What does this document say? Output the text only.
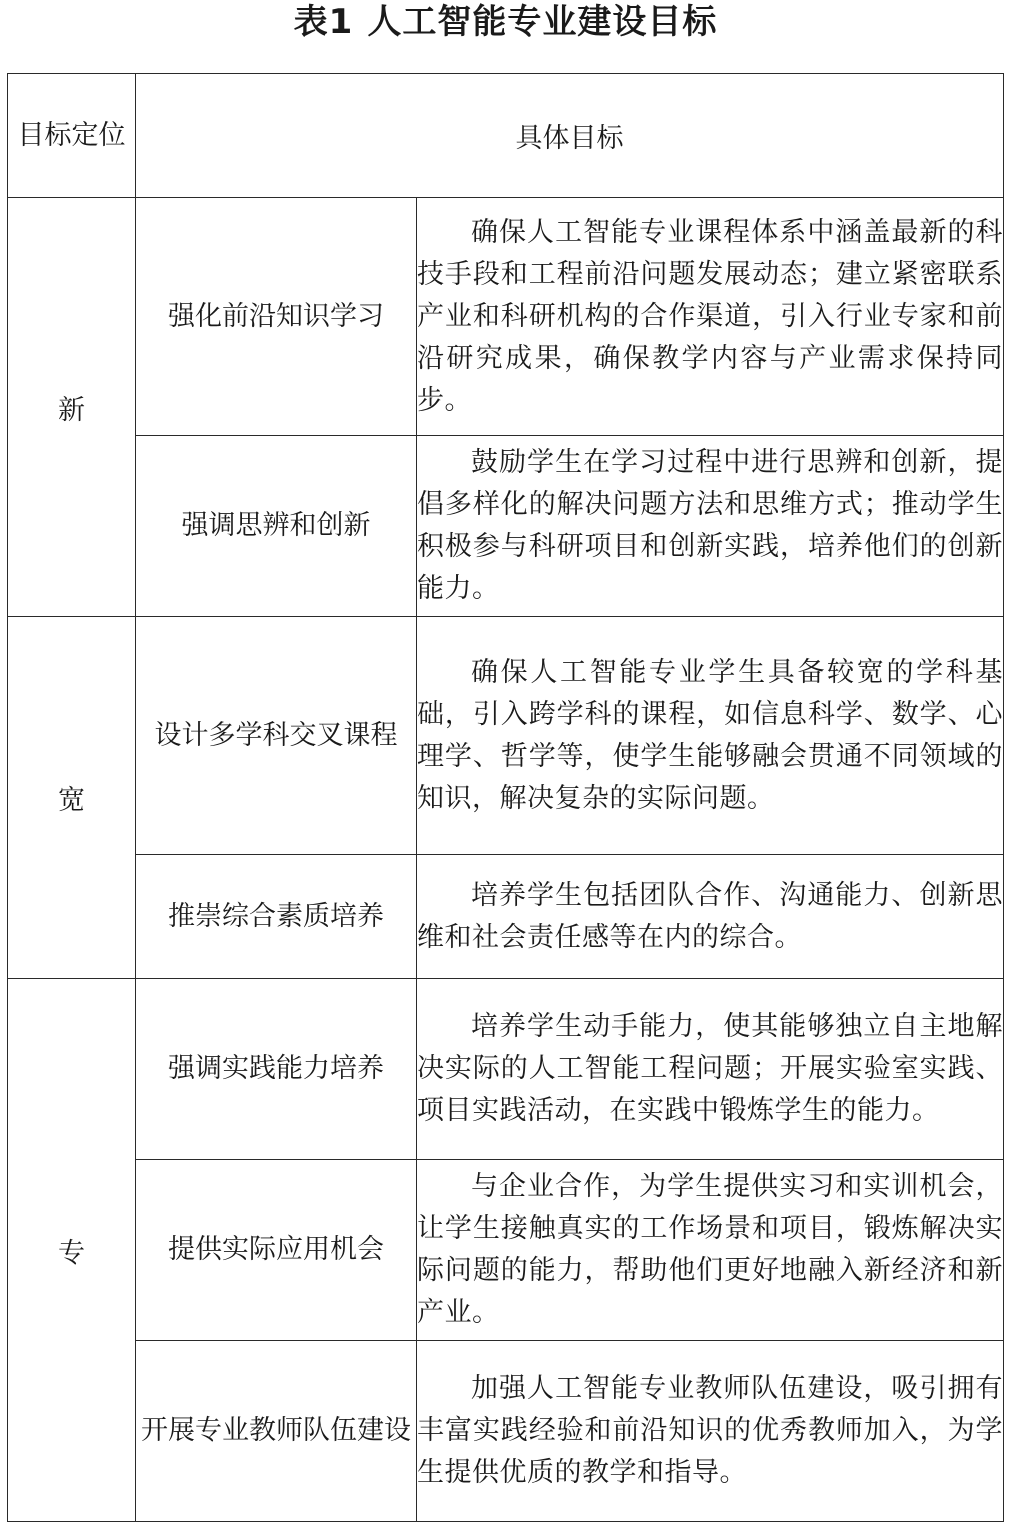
表1 人工智能专业建设目标
目标定位	具体目标	
新	强化前沿知识学习	确保人工智能专业课程体系中涵盖最新的科技手段和工程前沿问题发展动态；建立紧密联系产业和科研机构的合作渠道，引入行业专家和前沿研究成果，确保教学内容与产业需求保持同步。
	强调思辨和创新	鼓励学生在学习过程中进行思辨和创新，提倡多样化的解决问题方法和思维方式；推动学生积极参与科研项目和创新实践，培养他们的创新能力。
宽	设计多学科交叉课程	确保人工智能专业学生具备较宽的学科基础，引入跨学科的课程，如信息科学、数学、心理学、哲学等，使学生能够融会贯通不同领域的知识，解决复杂的实际问题。
	推崇综合素质培养	培养学生包括团队合作、沟通能力、创新思维和社会责任感等在内的综合。
专	强调实践能力培养	培养学生动手能力，使其能够独立自主地解决实际的人工智能工程问题；开展实验室实践、项目实践活动，在实践中锻炼学生的能力。
	提供实际应用机会	与企业合作，为学生提供实习和实训机会，让学生接触真实的工作场景和项目，锻炼解决实际问题的能力，帮助他们更好地融入新经济和新产业。
	开展专业教师队伍建设	加强人工智能专业教师队伍建设，吸引拥有丰富实践经验和前沿知识的优秀教师加入，为学生提供优质的教学和指导。
